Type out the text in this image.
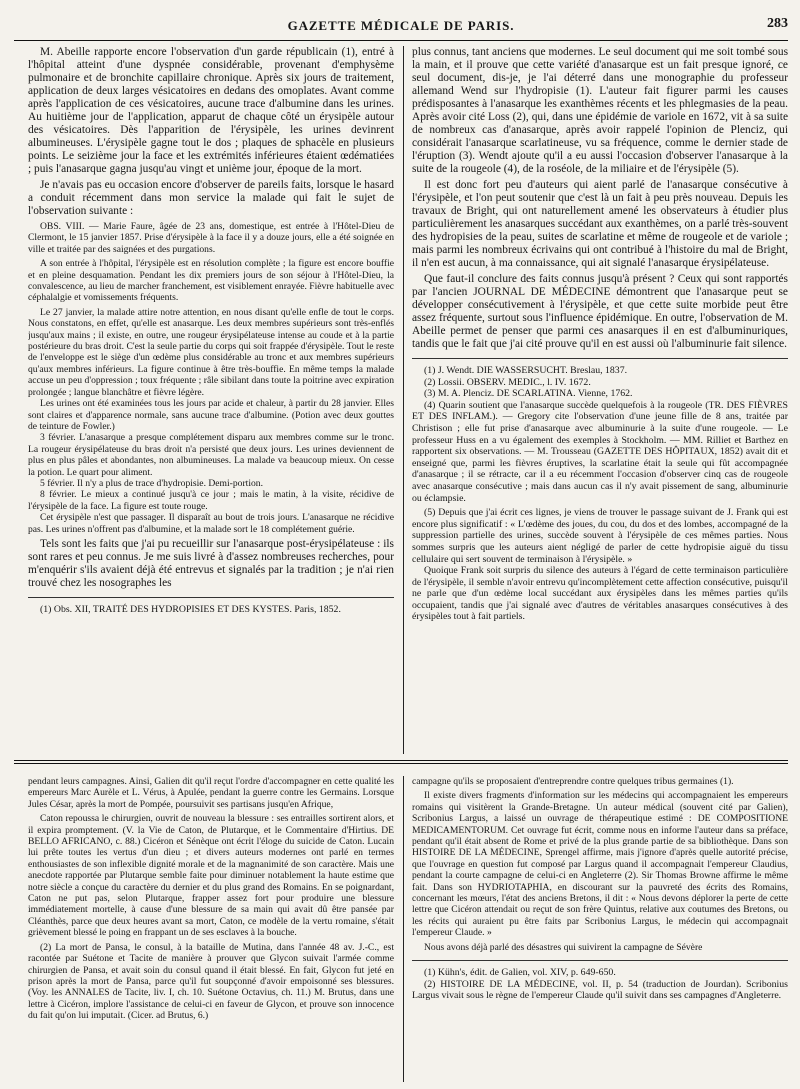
GAZETTE MÉDICALE DE PARIS.	283

M. Abeille rapporte encore l'observation d'un garde républicain (1), entré à l'hôpital atteint d'une dyspnée considérable, provenant d'emphysème pulmonaire et de bronchite capillaire chronique. Après six jours de traitement, application de deux larges vésicatoires en dedans des omoplates. Avant comme après l'application de ces vésicatoires, aucune trace d'albumine dans les urines. Au huitième jour de l'application, apparut de chaque côté un érysipèle autour des vésicatoires. Dès l'apparition de l'érysipèle, les urines devinrent albumineuses. L'érysipèle gagne tout le dos ; plaques de sphacèle en plusieurs points. Le seizième jour la face et les extrémités inférieures étaient œdématiées ; puis l'anasarque gagna jusqu'au vingt et unième jour, époque de la mort.

Je n'avais pas eu occasion encore d'observer de pareils faits, lorsque le hasard a conduit récemment dans mon service la malade qui fait le sujet de l'observation suivante :

OBS. VIII. — Marie Faure, âgée de 23 ans, domestique, est entrée à l'Hôtel-Dieu de Clermont, le 15 janvier 1857. Prise d'érysipèle à la face il y a douze jours, elle a été soignée en ville et traitée par des saignées et des purgations.

A son entrée à l'hôpital, l'érysipèle est en résolution complète ; la figure est encore bouffie et en pleine desquamation. Pendant les dix premiers jours de son séjour à l'Hôtel-Dieu, la convalescence, au lieu de marcher franchement, est visiblement enrayée. Fièvre habituelle avec céphalalgie et vomissements fréquents.

Le 27 janvier, la malade attire notre attention, en nous disant qu'elle enfle de tout le corps. Nous constatons, en effet, qu'elle est anasarque. Les deux membres supérieurs sont très-enflés jusqu'aux mains ; il existe, en outre, une rougeur érysipélateuse intense au coude et à la partie postérieure du bras droit. C'est la seule partie du corps qui soit frappée d'érysipèle. Tout le reste de l'enveloppe est le siège d'un œdème plus considérable au tronc et aux membres supérieurs qu'aux membres inférieurs. La figure continue à être très-bouffie. En même temps la malade accuse un peu d'oppression ; toux fréquente ; râle sibilant dans toute la poitrine avec expiration prolongée ; langue blanchâtre et fièvre légère.

Les urines ont été examinées tous les jours par acide et chaleur, à partir du 28 janvier. Elles sont claires et d'apparence normale, sans aucune trace d'albumine. (Potion avec deux gouttes de teinture de Fowler.)

3 février. L'anasarque a presque complétement disparu aux membres comme sur le tronc. La rougeur érysipélateuse du bras droit n'a persisté que deux jours. Les urines deviennent de plus en plus pâles et abondantes, non albumineuses. La malade va beaucoup mieux. On cesse la potion. Le quart pour aliment.

5 février. Il n'y a plus de trace d'hydropisie. Demi-portion.

8 février. Le mieux a continué jusqu'à ce jour ; mais le matin, à la visite, récidive de l'érysipèle de la face. La figure est toute rouge.

Cet érysipèle n'est que passager. Il disparaît au bout de trois jours. L'anasarque ne récidive pas. Les urines n'offrent pas d'albumine, et la malade sort le 18 complétement guérie.

Tels sont les faits que j'ai pu recueillir sur l'anasarque post-érysipélateuse : ils sont rares et peu connus. Je me suis livré à d'assez nombreuses recherches, pour m'enquérir s'ils avaient déjà été entrevus et signalés par la tradition ; je n'ai rien trouvé chez les nosographes les

(1) Obs. XII, TRAITÉ DES HYDROPISIES ET DES KYSTES. Paris, 1852.

plus connus, tant anciens que modernes. Le seul document qui me soit tombé sous la main, et il prouve que cette variété d'anasarque est un fait presque ignoré, ce seul document, dis-je, je l'ai déterré dans une monographie du professeur allemand Wend sur l'hydropisie (1). L'auteur fait figurer parmi les causes prédisposantes à l'anasarque les exanthèmes récents et les phlegmasies de la peau. Après avoir cité Loss (2), qui, dans une épidémie de variole en 1672, vit à sa suite de nombreux cas d'anasarque, après avoir rappelé l'opinion de Plenciz, qui considérait l'anasarque scarlatineuse, vu sa fréquence, comme le dernier stade de l'éruption (3). Wendt ajoute qu'il a eu aussi l'occasion d'observer l'anasarque à la suite de la rougeole (4), de la roséole, de la miliaire et de l'érysipèle (5).

Il est donc fort peu d'auteurs qui aient parlé de l'anasarque consécutive à l'érysipèle, et l'on peut soutenir que c'est là un fait à peu près nouveau. Depuis les travaux de Bright, qui ont naturellement amené les observateurs à étudier plus particulièrement les anasarques succédant aux exanthèmes, on a parlé très-souvent des hydropisies de la peau, suites de scarlatine et même de rougeole et de variole ; mais parmi les nombreux écrivains qui ont contribué à l'histoire du mal de Bright, il n'en est aucun, à ma connaissance, qui ait signalé l'anasarque érysipélateuse.

Que faut-il conclure des faits connus jusqu'à présent ? Ceux qui sont rapportés par l'ancien JOURNAL DE MÉDECINE démontrent que l'anasarque peut se développer consécutivement à l'érysipèle, et que cette suite morbide peut être assez fréquente, surtout sous l'influence épidémique. En outre, l'observation de M. Abeille permet de penser que parmi ces anasarques il en est d'albuminuriques, tandis que le fait que j'ai cité prouve qu'il en est aussi où l'albuminurie fait silence.

(1) J. Wendt. DIE WASSERSUCHT. Breslau, 1837.

(2) Lossii. OBSERV. MEDIC., l. IV. 1672.

(3) M. A. Plenciz. DE SCARLATINA. Vienne, 1762.

(4) Quarin soutient que l'anasarque succède quelquefois à la rougeole (TR. DES FIÈVRES ET DES INFLAM.). — Gregory cite l'observation d'une jeune fille de 8 ans, traitée par Christison ; elle fut prise d'anasarque avec albuminurie à la suite d'une rougeole. — Le professeur Huss en a vu également des exemples à Stockholm. — MM. Rilliet et Barthez en rapportent six observations. — M. Trousseau (GAZETTE DES HÔPITAUX, 1852) avait dit et enseigné que, parmi les fièvres éruptives, la scarlatine était la seule qui fût accompagnée d'anasarque ; il se rétracte, car il a eu récemment l'occasion d'observer cinq cas de rougeole avec anasarque consécutive ; mais dans aucun cas il n'y avait pissement de sang, albuminurie ou éclampsie.

(5) Depuis que j'ai écrit ces lignes, je viens de trouver le passage suivant de J. Frank qui est encore plus significatif : « L'œdème des joues, du cou, du dos et des lombes, accompagné de la suppression partielle des urines, succède souvent à l'érysipèle de ces mêmes parties. Nous sommes surpris que les auteurs aient négligé de parler de cette hydropisie aiguë du tissu cellulaire qui sert souvent de terminaison à l'érysipèle. »

Quoique Frank soit surpris du silence des auteurs à l'égard de cette terminaison particulière de l'érysipèle, il semble n'avoir entrevu qu'incomplètement cette affection consécutive, puisqu'il ne parle que d'un œdème local succédant aux érysipèles dans les mêmes parties qu'ils occupaient, tandis que j'ai signalé avec d'autres de véritables anasarques consécutives à des érysipèles tout à fait partiels.

pendant leurs campagnes. Ainsi, Galien dit qu'il reçut l'ordre d'accompagner en cette qualité les empereurs Marc Aurèle et L. Vérus, à Apulée, pendant la guerre contre les Germains. Lorsque Jules César, après la mort de Pompée, poursuivit ses partisans jusqu'en Afrique,

Caton repoussa le chirurgien, ouvrit de nouveau la blessure : ses entrailles sortirent alors, et il expira promptement. (V. la Vie de Caton, de Plutarque, et le Commentaire d'Hirtius. DE BELLO AFRICANO, c. 88.) Cicéron et Sénèque ont écrit l'éloge du suicide de Caton. Lucain lui prête toutes les vertus d'un dieu ; et divers auteurs modernes ont parlé en termes enthousiastes de son inflexible dignité morale et de la magnanimité de son caractère. Mais une anecdote rapportée par Plutarque semble faite pour diminuer notablement la haute estime que notre siècle a conçue du caractère du dernier et du plus grand des Romains. En se poignardant, Caton ne put pas, selon Plutarque, frapper assez fort pour produire une blessure immédiatement mortelle, à cause d'une blessure de sa main qui avait dû être pansée par Cléanthès, parce que deux heures avant sa mort, Caton, ce modèle de la vertu romaine, s'était grièvement blessé le poing en frappant un de ses esclaves à la bouche.

(2) La mort de Pansa, le consul, à la bataille de Mutina, dans l'année 48 av. J.-C., est racontée par Suétone et Tacite de manière à prouver que Glycon suivait l'armée comme chirurgien de Pansa, et avait soin du consul quand il était blessé. En fait, Glycon fut jeté en prison après la mort de Pansa, parce qu'il fut soupçonné d'avoir empoisonné ses blessures. (Voy. les ANNALES de Tacite, liv. I, ch. 10. Suétone Octavius, ch. 11.) M. Brutus, dans une lettre à Cicéron, implore l'assistance de celui-ci en faveur de Glycon, et prouve son innocence du fait qu'on lui imputait. (Cicer. ad Brutus, 6.)

campagne qu'ils se proposaient d'entreprendre contre quelques tribus germaines (1).

Il existe divers fragments d'information sur les médecins qui accompagnaient les empereurs romains qui visitèrent la Grande-Bretagne. Un auteur médical (souvent cité par Galien), Scribonius Largus, a laissé un ouvrage de thérapeutique estimé : DE COMPOSITIONE MEDICAMENTORUM. Cet ouvrage fut écrit, comme nous en informe l'auteur dans sa préface, pendant qu'il était absent de Rome et privé de la plus grande partie de sa bibliothèque. Dans son HISTOIRE DE LA MÉDECINE, Sprengel affirme, mais j'ignore d'après quelle autorité précise, que l'ouvrage en question fut composé par Largus quand il accompagnait l'empereur Claudius, pendant la courte campagne de celui-ci en Angleterre (2). Sir Thomas Browne affirme le même fait. Dans son HYDRIOTAPHIA, en discourant sur la pauvreté des écrits des Romains, concernant les mœurs, l'état des anciens Bretons, il dit : « Nous devons déplorer la perte de cette lettre que Cicéron attendait ou reçut de son frère Quintus, relative aux coutumes des Bretons, ou les récits qui auraient pu être faits par Scribonius Largus, le médecin qui accompagnait l'empereur Claude. »

Nous avons déjà parlé des désastres qui suivirent la campagne de Sévère

(1) Kühn's, édit. de Galien, vol. XIV, p. 649-650.

(2) HISTOIRE DE LA MÉDECINE, vol. II, p. 54 (traduction de Jourdan). Scribonius Largus vivait sous le règne de l'empereur Claude qu'il suivit dans ses campagnes d'Angleterre.
